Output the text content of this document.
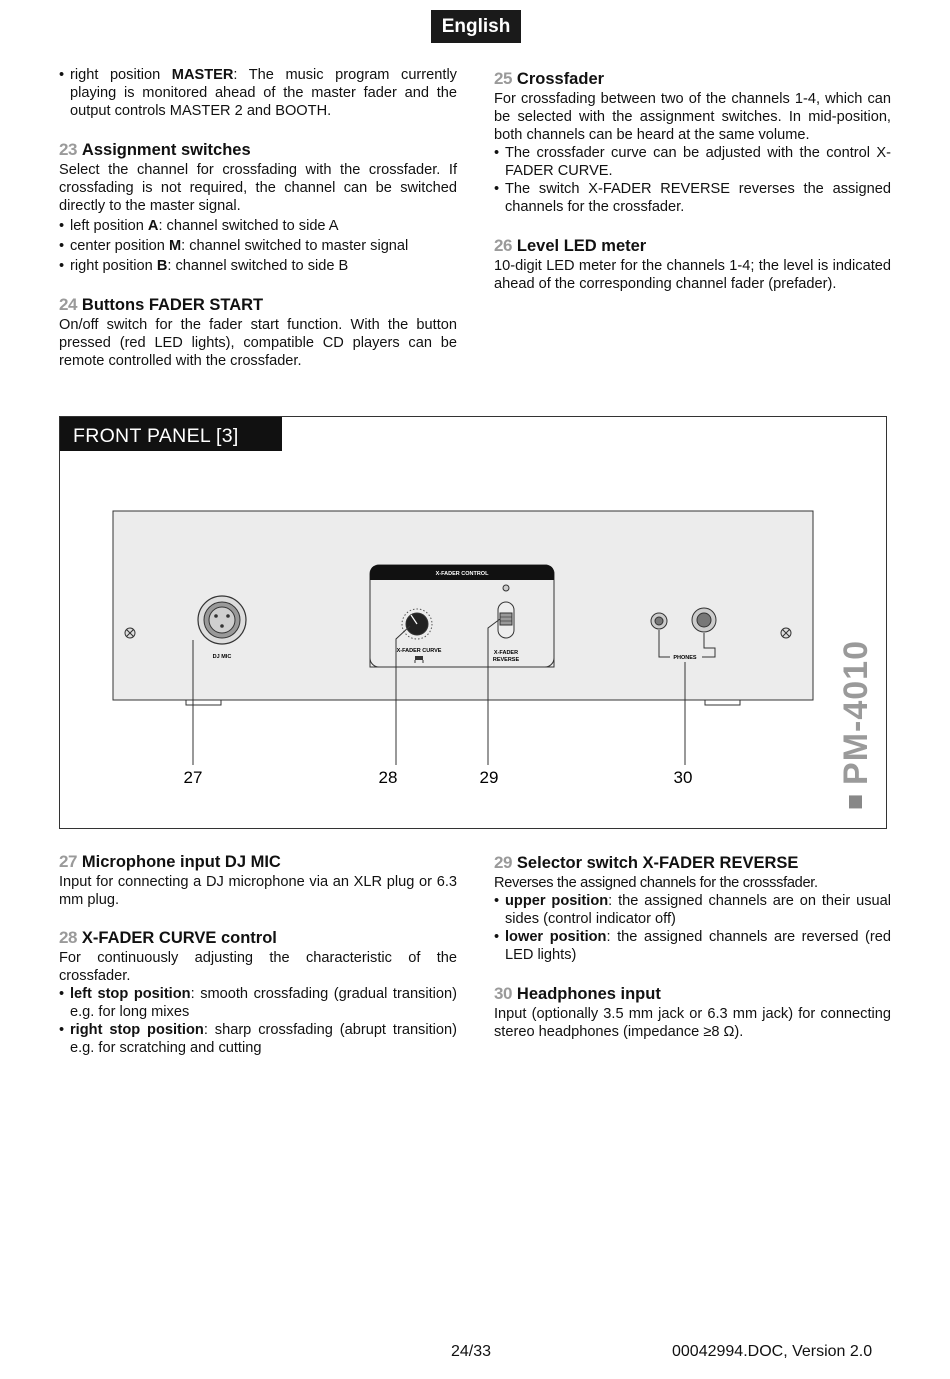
English
• right position MASTER: The music program currently playing is monitored ahead of the master fader and the output controls MASTER 2 and BOOTH.
23 Assignment switches

Select the channel for crossfading with the crossfader. If crossfading is not required, the channel can be switched directly to the master signal.

• left position A: channel switched to side A
• center position M: channel switched to master signal
• right position B: channel switched to side B
24 Buttons FADER START

On/off switch for the fader start function. With the button pressed (red LED lights), compatible CD players can be remote controlled with the crossfader.

25 Crossfader

For crossfading between two of the channels 1-4, which can be selected with the assignment switches. In mid-position, both channels can be heard at the same volume.

• The crossfader curve can be adjusted with the control X-FADER CURVE.
• The switch X-FADER REVERSE reverses the assigned channels for the crossfader.
26 Level LED meter

10-digit LED meter for the channels 1-4; the level is indicated ahead of the corresponding channel fader (prefader).

DJ MIC
X-FADER CONTROL
X-FADER CURVE	X-FADER
REVERSE	PHONES
27	28	29	30
FRONT PANEL [3]
PM-4010
27 Microphone input DJ MIC

Input for connecting a DJ microphone via an XLR plug or 6.3 mm plug.

28 X-FADER CURVE control

For continuously adjusting the characteristic of the crossfader.

• left stop position: smooth crossfading (gradual transition) e.g. for long mixes
• right stop position: sharp crossfading (abrupt transition) e.g. for scratching and cutting
29 Selector switch X-FADER REVERSE

Reverses the assigned channels for the crosssfader.

• upper position: the assigned channels are on their usual sides (control indicator off)
• lower position: the assigned channels are reversed (red LED lights)
30 Headphones input

Input (optionally 3.5 mm jack or 6.3 mm jack) for connecting stereo headphones (impedance ≥8 Ω).

24/33	00042994.DOC, Version 2.0
